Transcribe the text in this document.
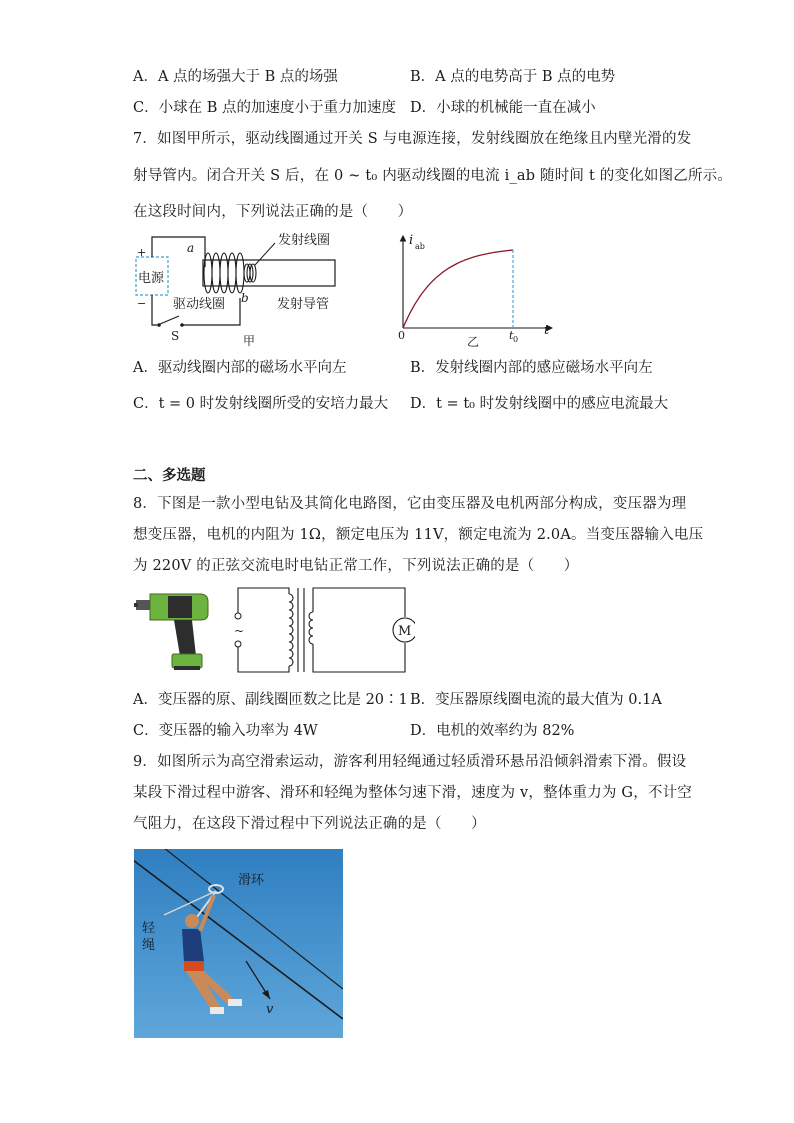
A．A 点的场强大于 B 点的场强	B．A 点的电势高于 B 点的电势
C．小球在 B 点的加速度小于重力加速度 D．小球的机械能一直在减小
7．如图甲所示，驱动线圈通过开关 S 与电源连接，发射线圈放在绝缘且内壁光滑的发
射导管内。闭合开关 S 后，在 0 ~ t₀ 内驱动线圈的电流 i_ab 随时间 t 的变化如图乙所示。
在这段时间内，下列说法正确的是（　　）
电源
+
−
S
a
b
发射线圈
驱动线圈	发射导管
甲
i ab
t
0	t 0
乙
A．驱动线圈内部的磁场水平向左	B．发射线圈内部的感应磁场水平向左
C．t = 0 时发射线圈所受的安培力最大 D．t = t₀ 时发射线圈中的感应电流最大
二、多选题
8．下图是一款小型电钻及其简化电路图，它由变压器及电机两部分构成，变压器为理
想变压器，电机的内阻为 1Ω，额定电压为 11V，额定电流为 2.0A。当变压器输入电压
为 220V 的正弦交流电时电钻正常工作，下列说法正确的是（　　）
~	M
A．变压器的原、副线圈匝数之比是 20∶1 B．变压器原线圈电流的最大值为 0.1A
C．变压器的输入功率为 4W	D．电机的效率约为 82%
9．如图所示为高空滑索运动，游客利用轻绳通过轻质滑环悬吊沿倾斜滑索下滑。假设
某段下滑过程中游客、滑环和轻绳为整体匀速下滑，速度为 v，整体重力为 G，不计空
气阻力，在这段下滑过程中下列说法正确的是（　　）
滑环
轻
绳
v
